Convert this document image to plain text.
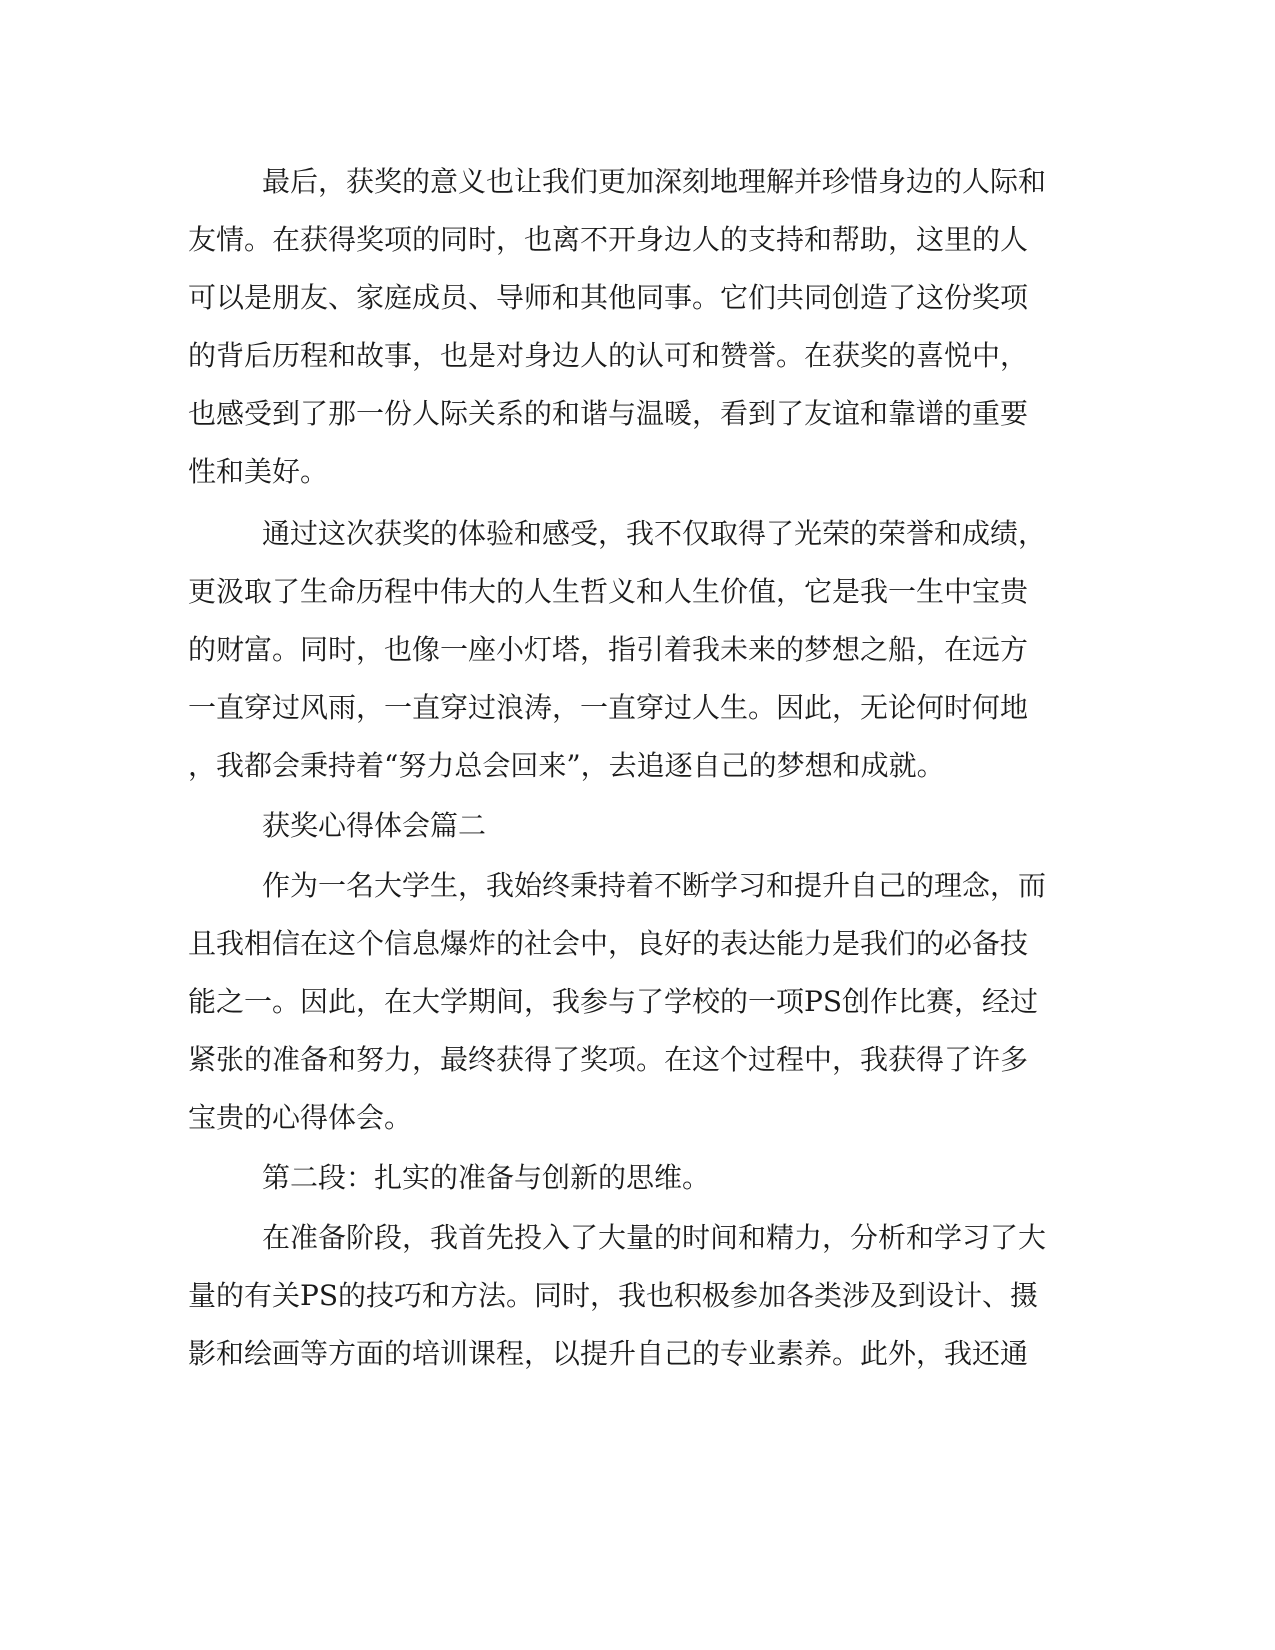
最后，获奖的意义也让我们更加深刻地理解并珍惜身边的人际和
友情。在获得奖项的同时，也离不开身边人的支持和帮助，这里的人
可以是朋友、家庭成员、导师和其他同事。它们共同创造了这份奖项
的背后历程和故事，也是对身边人的认可和赞誉。在获奖的喜悦中，
也感受到了那一份人际关系的和谐与温暖，看到了友谊和靠谱的重要
性和美好。
通过这次获奖的体验和感受，我不仅取得了光荣的荣誉和成绩，
更汲取了生命历程中伟大的人生哲义和人生价值，它是我一生中宝贵
的财富。同时，也像一座小灯塔，指引着我未来的梦想之船，在远方
一直穿过风雨，一直穿过浪涛，一直穿过人生。因此，无论何时何地
，我都会秉持着“努力总会回来”，去追逐自己的梦想和成就。
获奖心得体会篇二
作为一名大学生，我始终秉持着不断学习和提升自己的理念，而
且我相信在这个信息爆炸的社会中，良好的表达能力是我们的必备技
能之一。因此，在大学期间，我参与了学校的一项PS创作比赛，经过
紧张的准备和努力，最终获得了奖项。在这个过程中，我获得了许多
宝贵的心得体会。
第二段：扎实的准备与创新的思维。
在准备阶段，我首先投入了大量的时间和精力，分析和学习了大
量的有关PS的技巧和方法。同时，我也积极参加各类涉及到设计、摄
影和绘画等方面的培训课程，以提升自己的专业素养。此外，我还通
